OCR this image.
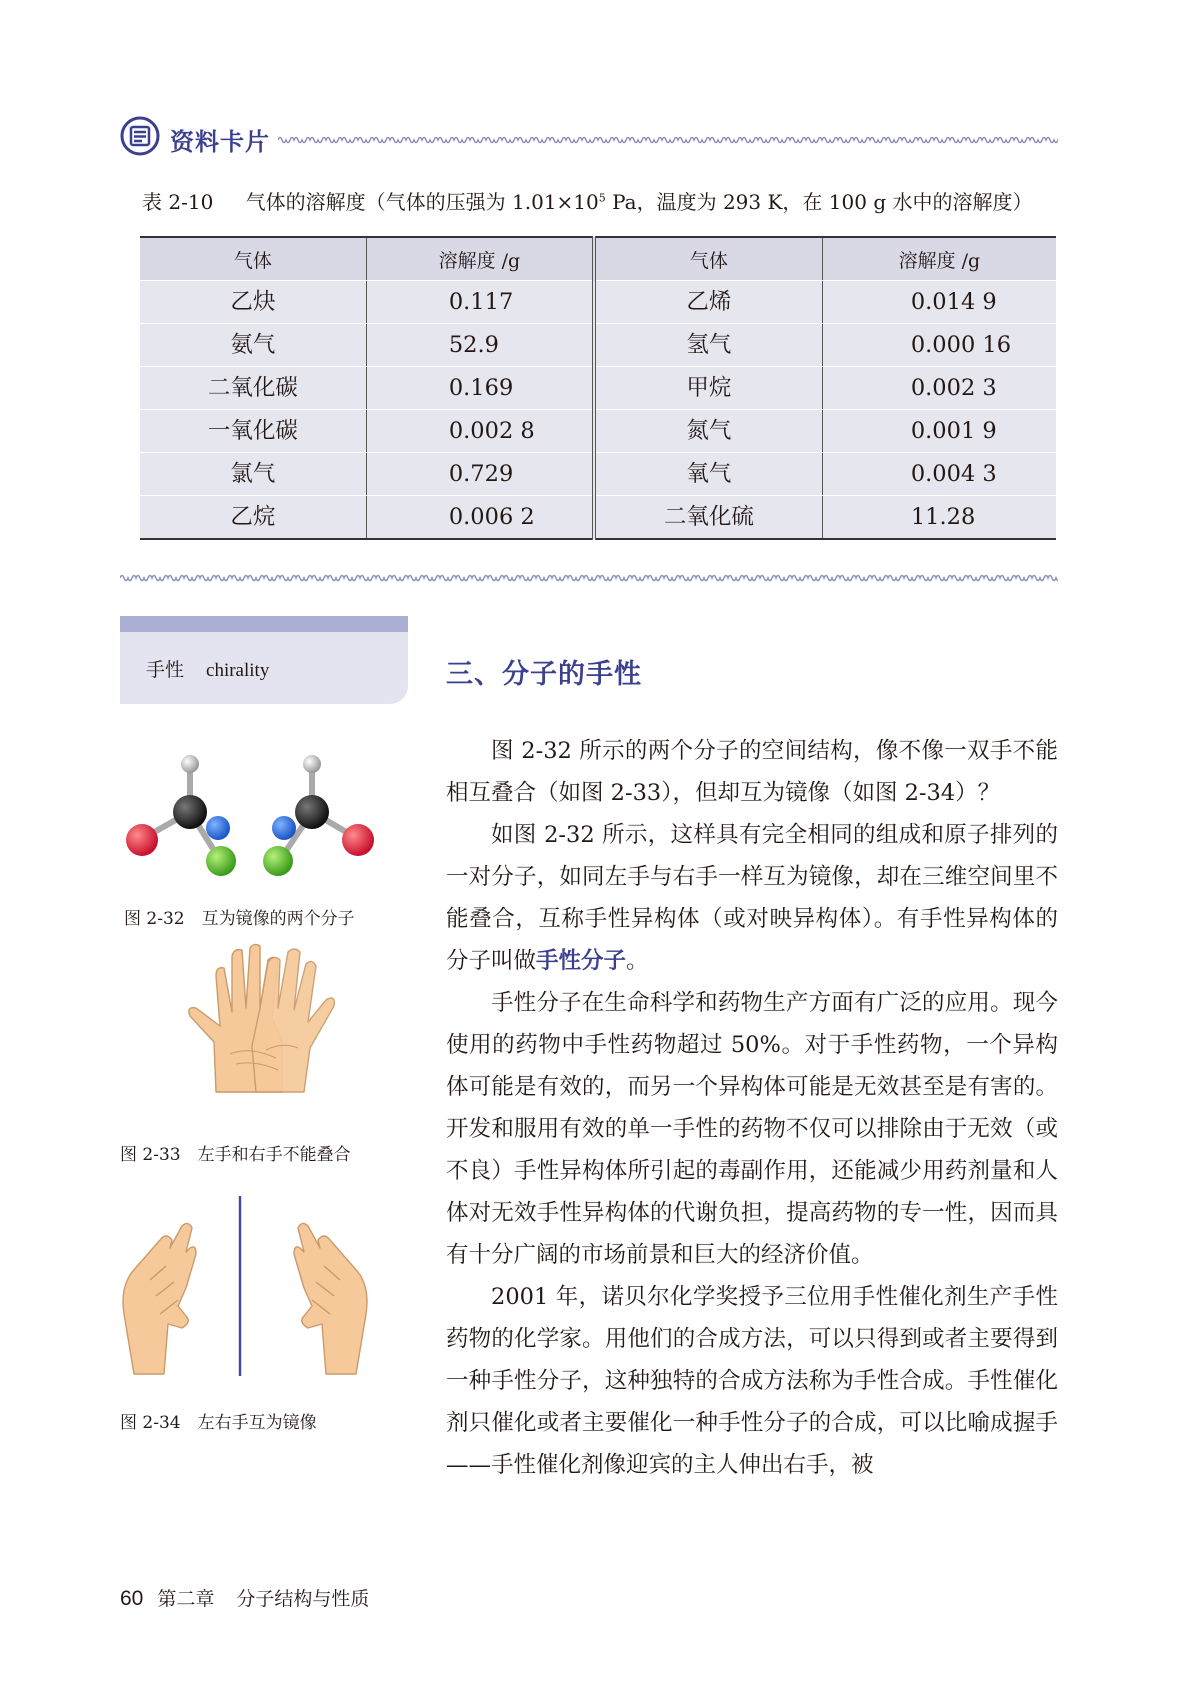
资料卡片
表 2-10 气体的溶解度（气体的压强为 $1.01\times 10^5$ Pa，温度为 293 K，在 100 g 水中的溶解度）
气体	溶解度 /g	气体	溶解度 /g
乙炔	0.117	乙烯	0.014 9
氨气	52.9	氢气	0.000 16
二氧化碳	0.169	甲烷	0.002 3
一氧化碳	0.002 8	氮气	0.001 9
氯气	0.729	氧气	0.004 3
乙烷	0.006 2	二氧化硫	11.28
手性 chirality	三、分子的手性

图 2-32 所示的两个分子的空间结构，像不像一双手不能相互叠合（如图 2-33），但却互为镜像（如图 2-34）？

如图 2-32 所示，这样具有完全相同的组成和原子排列的一对分子，如同左手与右手一样互为镜像，却在三维空间里不能叠合，互称手性异构体（或对映异构体）。有手性异构体的分子叫做手性分子。

手性分子在生命科学和药物生产方面有广泛的应用。现今使用的药物中手性药物超过 50%。对于手性药物，一个异构体可能是有效的，而另一个异构体可能是无效甚至是有害的。开发和服用有效的单一手性的药物不仅可以排除由于无效（或不良）手性异构体所引起的毒副作用，还能减少用药剂量和人体对无效手性异构体的代谢负担，提高药物的专一性，因而具有十分广阔的市场前景和巨大的经济价值。

2001 年，诺贝尔化学奖授予三位用手性催化剂生产手性药物的化学家。用他们的合成方法，可以只得到或者主要得到一种手性分子，这种独特的合成方法称为手性合成。手性催化剂只催化或者主要催化一种手性分子的合成，可以比喻成握手——手性催化剂像迎宾的主人伸出右手，被

图 2-32　互为镜像的两个分子
图 2-33　左手和右手不能叠合
图 2-34　左右手互为镜像
60 第二章 分子结构与性质
